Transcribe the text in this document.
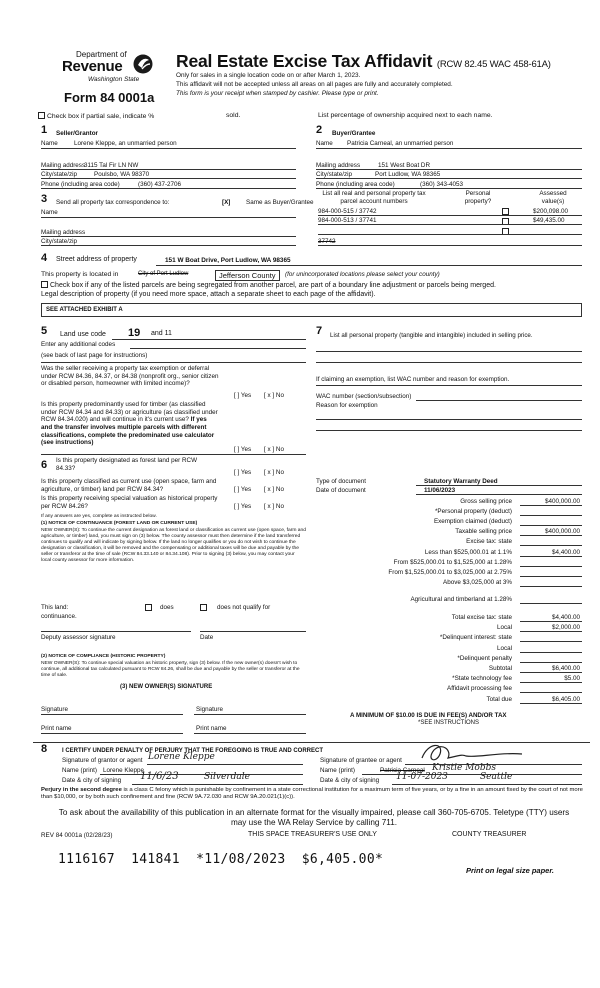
Department of
Revenue
Washington State
Form 84 0001a
Real Estate Excise Tax Affidavit (RCW 82.45 WAC 458-61A)
Only for sales in a single location code on or after March 1, 2023.
This affidavit will not be accepted unless all areas on all pages are fully and accurately completed.
This form is your receipt when stamped by cashier. Please type or print.
Check box if partial sale, indicate %	sold.	List percentage of ownership acquired next to each name.
1 Seller/Grantor
Name	Lorene Kleppe, an unmarried person
Mailing address
3115 Tal Fir LN NW
City/state/zip	Poulsbo, WA 98370
Phone (including area code)	(360) 437-2706
2 Buyer/Grantee
Name Patricia Carneal, an unmarried person
Mailing address	151 West Boat DR
City/state/zip	Port Ludlow, WA 98365
Phone (including area code)	(360) 343-4053
3 Send all property tax correspondence to:	[X] Same as Buyer/Grantee
Name
Mailing address
City/state/zip
List all real and personal property tax
parcel account numbers
Personal
property?
Assessed
value(s)
984-000-515 / 37742	$200,098.00
984-000-513 / 37741	$49,435.00
37742
4 Street address of property	151 W Boat Drive, Port Ludlow, WA 98365
This property is located in	City of Port Ludlow	Jefferson County	(for unincorporated locations please select your county)
Check box if any of the listed parcels are being segregated from another parcel, are part of a boundary line adjustment or parcels being merged.
Legal description of property (if you need more space, attach a separate sheet to each page of the affidavit).
SEE ATTACHED EXHIBIT A
5 Land use code 19 and 11
Enter any additional codes
(see back of last page for instructions)
Was the seller receiving a property tax exemption or deferral under RCW 84.36, 84.37, or 84.38 (nonprofit org., senior citizen or disabled person, homeowner with limited income)?
[ ] Yes [ x ] No
Is this property predominantly used for timber (as classified under RCW 84.34 and 84.33) or agriculture (as classified under RCW 84.34.020) and will continue in it's current use? If yes and the transfer involves multiple parcels with different classifications, complete the predominated use calculator (see instructions)
[ ] Yes [ x ] No
6 Is this property designated as forest land per RCW 84.33?
[ ] Yes [ x ] No
Is this property classified as current use (open space, farm and agriculture, or timber) land per RCW 84.34?	[ ] Yes [ x ] No
Is this property receiving special valuation as historical property per RCW 84.26?	[ ] Yes [ x ] No
If any answers are yes, complete as instructed below.
(1) NOTICE OF CONTINUANCE (FOREST LAND OR CURRENT USE)
NEW OWNER(S): To continue the current designation as forest land or classification as current use (open space, farm and agriculture, or timber) land, you must sign on (3) below. The county assessor must then determine if the land transferred continues to qualify and will indicate by signing below. If the land no longer qualifies or you do not wish to continue the designation or classification, it will be removed and the compensating or additional taxes will be due and payable by the seller or transferor at the time of sale (RCW 84.33.140 or 84.34.108). Prior to signing (3) below, you may contact your local county assessor for more information.
This land:	does	does not qualify for
continuance.
Deputy assessor signature	Date
(2) NOTICE OF COMPLIANCE (HISTORIC PROPERTY)
NEW OWNER(S): To continue special valuation as historic property, sign (3) below. If the new owner(s) doesn't wish to continue, all additional tax calculated pursuant to RCW 84.26, shall be due and payable by the seller or transferor at the time of sale.
(3) NEW OWNER(S) SIGNATURE
Signature	Signature
Print name	Print name
7 List all personal property (tangible and intangible) included in selling price.
If claiming an exemption, list WAC number and reason for exemption.
WAC number (section/subsection)
Reason for exemption
Type of document	Statutory Warranty Deed
Date of document	11/06/2023
Gross selling price	$400,000.00
*Personal property (deduct)
Exemption claimed (deduct)
Taxable selling price	$400,000.00
Excise tax: state
Less than $525,000.01 at 1.1%	$4,400.00
From $525,000.01 to $1,525,000 at 1.28%
From $1,525,000.01 to $3,025,000 at 2.75%
Above $3,025,000 at 3%
Agricultural and timberland at 1.28%
Total excise tax: state	$4,400.00
Local	$2,000.00
*Delinquent interest: state
Local
*Delinquent penalty
Subtotal	$6,400.00
*State technology fee	$5.00
Affidavit processing fee
Total due	$6,405.00
A MINIMUM OF $10.00 IS DUE IN FEE(S) AND/OR TAX
*SEE INSTRUCTIONS
8 I CERTIFY UNDER PENALTY OF PERJURY THAT THE FOREGOING IS TRUE AND CORRECT
Signature of grantor or agent Lorene Kleppe
Name (print) Lorene Kleppe
Date & city of signing 11/6/23	Silverdale
Signature of grantee or agent
Name (print)	Patricia Carneal Kristie Mobbs
Date & city of signing 11-07-2023	Seattle
Perjury in the second degree is a class C felony which is punishable by confinement in a state correctional institution for a maximum term of five years, or by a fine in an amount fixed by the court of not more than $10,000, or by both such confinement and fine (RCW 9A.72.030 and RCW 9A.20.021(1)(c)).
To ask about the availability of this publication in an alternate format for the visually impaired, please call 360-705-6705. Teletype (TTY) users may use the WA Relay Service by calling 711.
REV 84 0001a (02/28/23)	THIS SPACE TREASURER'S USE ONLY	COUNTY TREASURER
1116167  141841  *11/08/2023  $6,405.00*
Print on legal size paper.
